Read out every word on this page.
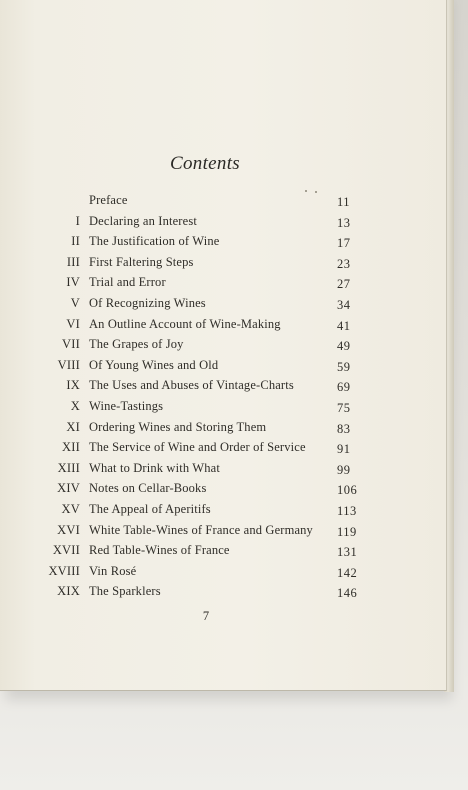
Contents
Preface	11
I Declaring an Interest	13
II The Justification of Wine	17
III First Faltering Steps	23
IV Trial and Error	27
V Of Recognizing Wines	34
VI An Outline Account of Wine-Making	41
VII The Grapes of Joy	49
VIII Of Young Wines and Old	59
IX The Uses and Abuses of Vintage-Charts	69
X Wine-Tastings	75
XI Ordering Wines and Storing Them	83
XII The Service of Wine and Order of Service	91
XIII What to Drink with What	99
XIV Notes on Cellar-Books	106
XV The Appeal of Aperitifs	113
XVI White Table-Wines of France and Germany 119
XVII Red Table-Wines of France	131
XVIII Vin Rosé	142
XIX The Sparklers	146
7
